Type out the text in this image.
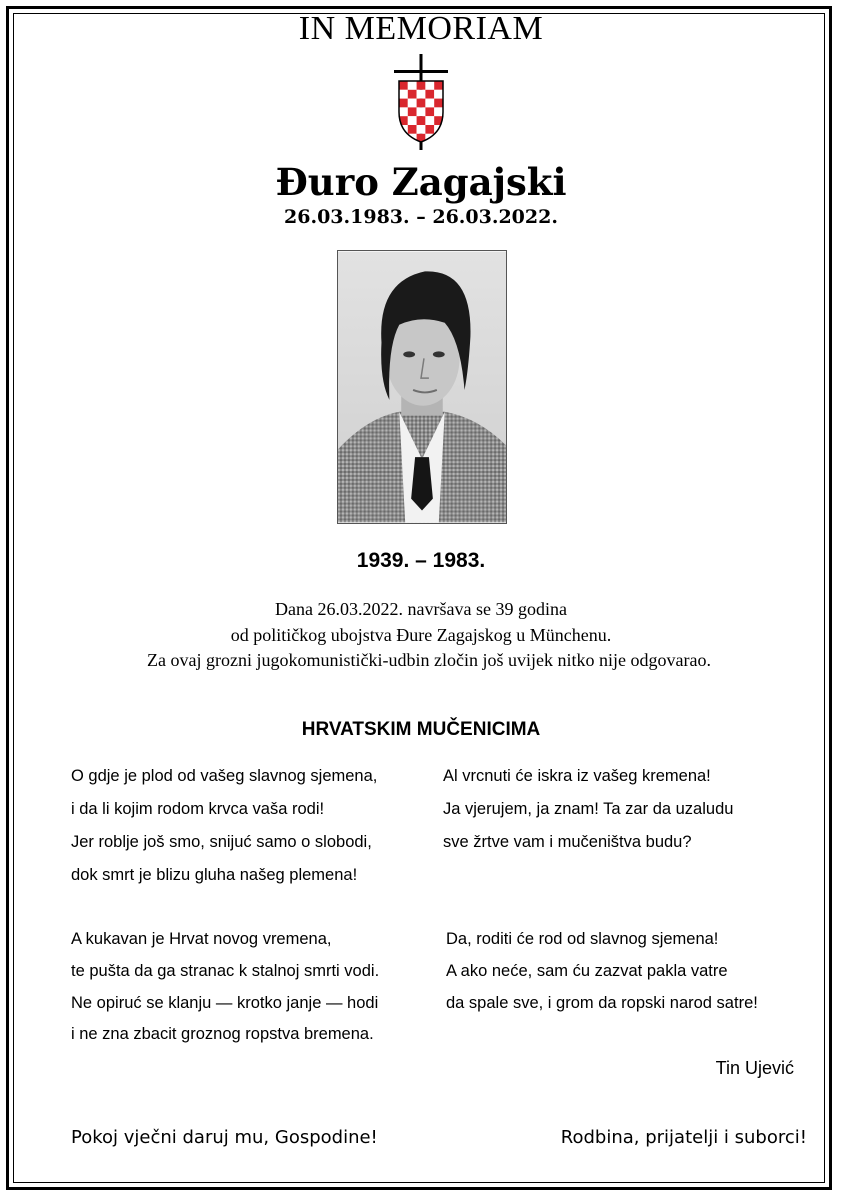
IN MEMORIAM
Đuro Zagajski
26.03.1983. – 26.03.2022.
1939. – 1983.
Dana 26.03.2022. navršava se 39 godina
od političkog ubojstva Đure Zagajskog u Münchenu.
Za ovaj grozni jugokomunistički-udbin zločin još uvijek nitko nije odgovarao.
HRVATSKIM MUČENICIMA
O gdje je plod od vašeg slavnog sjemena,
i da li kojim rodom krvca vaša rodi!
Jer roblje još smo, snijuć samo o slobodi,
dok smrt je blizu gluha našeg plemena!
Al vrcnuti će iskra iz vašeg kremena!
Ja vjerujem, ja znam! Ta zar da uzaludu
sve žrtve vam i mučeništva budu?
A kukavan je Hrvat novog vremena,
te pušta da ga stranac k stalnoj smrti vodi.
Ne opiruć se klanju — krotko janje — hodi
i ne zna zbacit groznog ropstva bremena.
Da, roditi će rod od slavnog sjemena!
A ako neće, sam ću zazvat pakla vatre
da spale sve, i grom da ropski narod satre!
Tin Ujević
Pokoj vječni daruj mu, Gospodine!	Rodbina, prijatelji i suborci!
